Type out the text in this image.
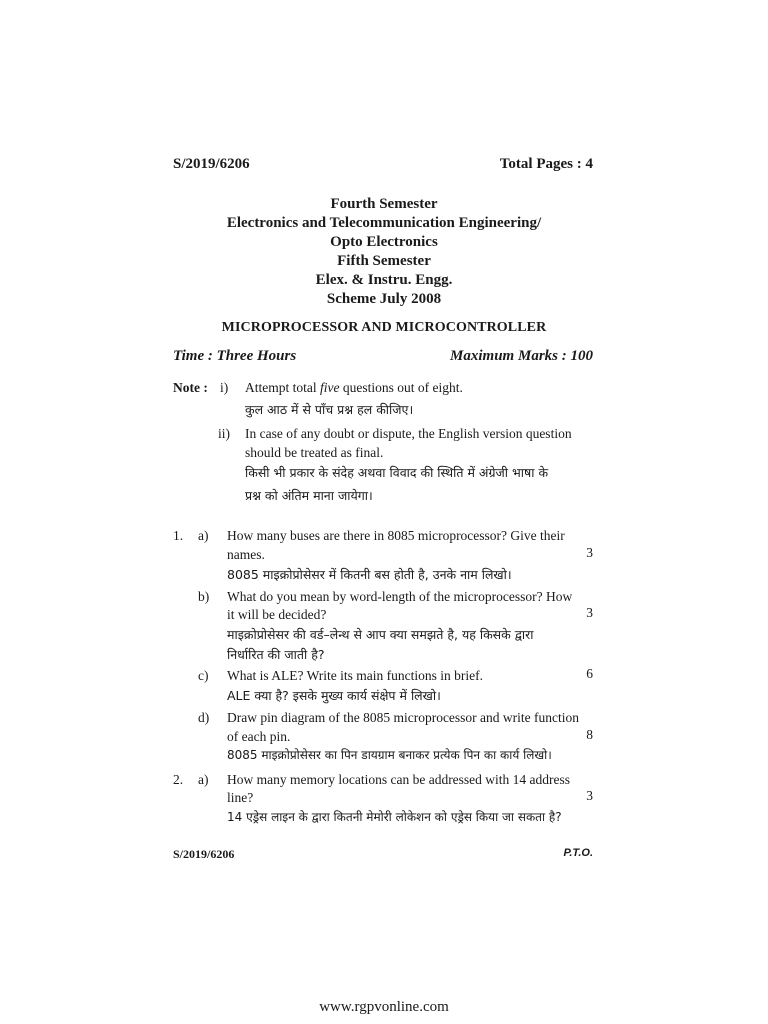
S/2019/6206	Total Pages : 4
Fourth Semester
Electronics and Telecommunication Engineering/
Opto Electronics
Fifth Semester
Elex. & Instru. Engg.
Scheme July 2008
MICROPROCESSOR AND MICROCONTROLLER
Time : Three Hours	Maximum Marks : 100
Note : i) Attempt total five questions out of eight.
कुल आठ में से पाँच प्रश्न हल कीजिए।
ii) In case of any doubt or dispute, the English version question
should be treated as final.
किसी भी प्रकार के संदेह अथवा विवाद की स्थिति में अंग्रेजी भाषा के
प्रश्न को अंतिम माना जायेगा।
1. a) How many buses are there in 8085 microprocessor? Give their
names.	3
8085 माइक्रोप्रोसेसर में कितनी बस होती है, उनके नाम लिखो।
b) What do you mean by word-length of the microprocessor? How
it will be decided?	3
माइक्रोप्रोसेसर की वर्ड–लेन्थ से आप क्या समझते है, यह किसके द्वारा
निर्धारित की जाती है?
c) What is ALE? Write its main functions in brief.	6
ALE क्या है? इसके मुख्य कार्य संक्षेप में लिखो।
d) Draw pin diagram of the 8085 microprocessor and write function
of each pin.	8
8085 माइक्रोप्रोसेसर का पिन डायग्राम बनाकर प्रत्येक पिन का कार्य लिखो।
2. a) How many memory locations can be addressed with 14 address
line?	3
14 एड्रेस लाइन के द्वारा कितनी मेमोरी लोकेशन को एड्रेस किया जा सकता है?
S/2019/6206	P.T.O.
www.rgpvonline.com
